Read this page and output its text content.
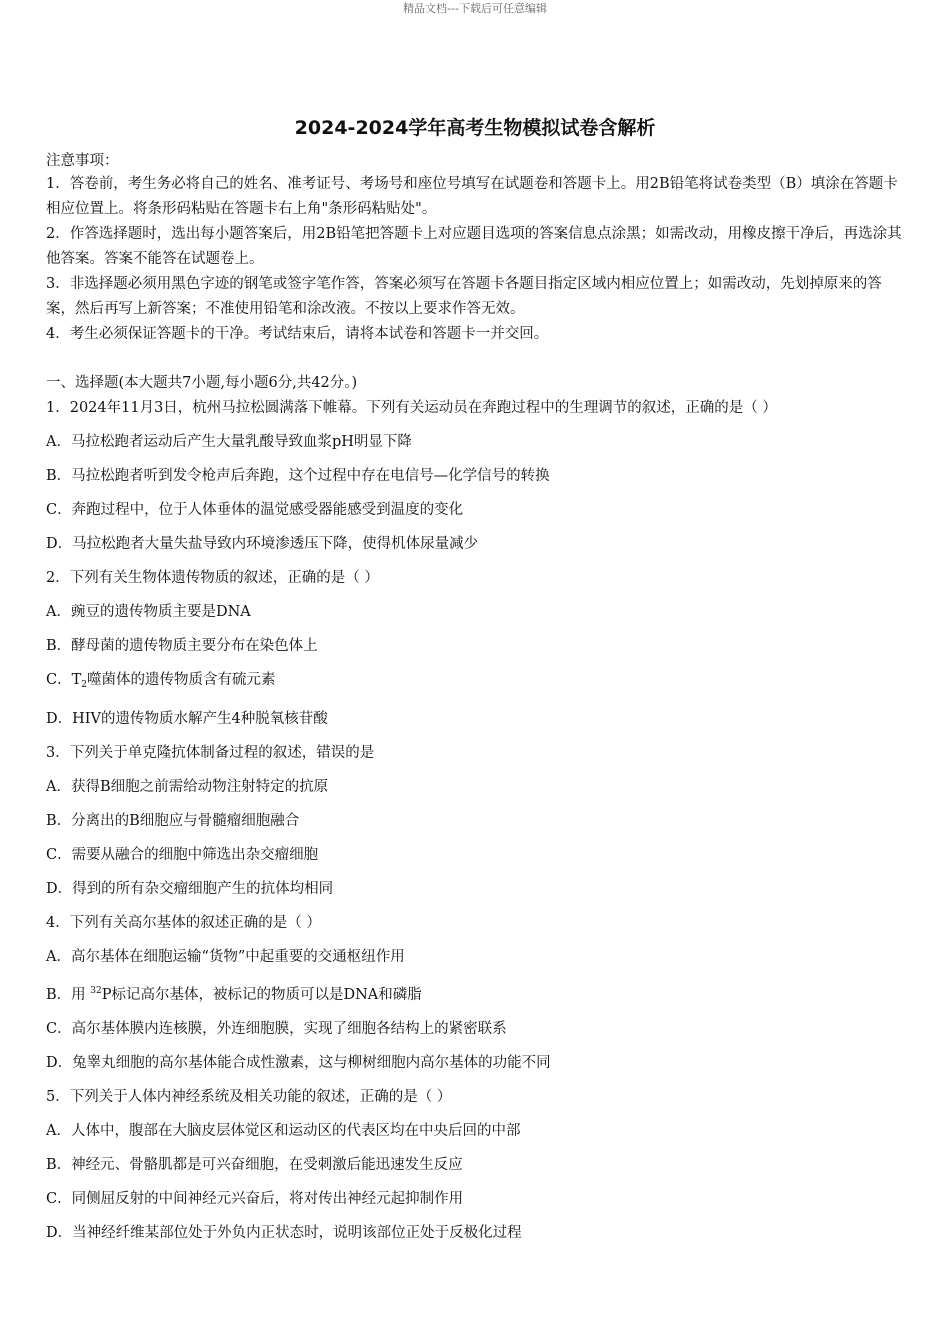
精品文档---下载后可任意编辑
2024-2024学年高考生物模拟试卷含解析
注意事项：
1．答卷前，考生务必将自己的姓名、准考证号、考场号和座位号填写在试题卷和答题卡上。用2B铅笔将试卷类型（B）填涂在答题卡相应位置上。将条形码粘贴在答题卡右上角"条形码粘贴处"。
2．作答选择题时，选出每小题答案后，用2B铅笔把答题卡上对应题目选项的答案信息点涂黑；如需改动，用橡皮擦干净后，再选涂其他答案。答案不能答在试题卷上。
3．非选择题必须用黑色字迹的钢笔或签字笔作答，答案必须写在答题卡各题目指定区域内相应位置上；如需改动，先划掉原来的答案，然后再写上新答案；不准使用铅笔和涂改液。不按以上要求作答无效。
4．考生必须保证答题卡的干净。考试结束后，请将本试卷和答题卡一并交回。
一、选择题(本大题共7小题,每小题6分,共42分。)
1．2024年11月3日，杭州马拉松圆满落下帷幕。下列有关运动员在奔跑过程中的生理调节的叙述，正确的是（ ）
A．马拉松跑者运动后产生大量乳酸导致血浆pH明显下降
B．马拉松跑者听到发令枪声后奔跑，这个过程中存在电信号—化学信号的转换
C．奔跑过程中，位于人体垂体的温觉感受器能感受到温度的变化
D．马拉松跑者大量失盐导致内环境渗透压下降，使得机体尿量减少
2．下列有关生物体遗传物质的叙述，正确的是（ ）
A．豌豆的遗传物质主要是DNA
B．酵母菌的遗传物质主要分布在染色体上
C．$T_2$噬菌体的遗传物质含有硫元素
D．HIV的遗传物质水解产生4种脱氧核苷酸
3．下列关于单克隆抗体制备过程的叙述，错误的是
A．获得B细胞之前需给动物注射特定的抗原
B．分离出的B细胞应与骨髓瘤细胞融合
C．需要从融合的细胞中筛选出杂交瘤细胞
D．得到的所有杂交瘤细胞产生的抗体均相同
4．下列有关高尔基体的叙述正确的是（ ）
A．高尔基体在细胞运输“货物”中起重要的交通枢纽作用
B．用 $^{32}$P标记高尔基体，被标记的物质可以是DNA和磷脂
C．高尔基体膜内连核膜，外连细胞膜，实现了细胞各结构上的紧密联系
D．兔睾丸细胞的高尔基体能合成性激素，这与柳树细胞内高尔基体的功能不同
5．下列关于人体内神经系统及相关功能的叙述，正确的是（ ）
A．人体中，腹部在大脑皮层体觉区和运动区的代表区均在中央后回的中部
B．神经元、骨骼肌都是可兴奋细胞，在受刺激后能迅速发生反应
C．同侧屈反射的中间神经元兴奋后，将对传出神经元起抑制作用
D．当神经纤维某部位处于外负内正状态时，说明该部位正处于反极化过程
